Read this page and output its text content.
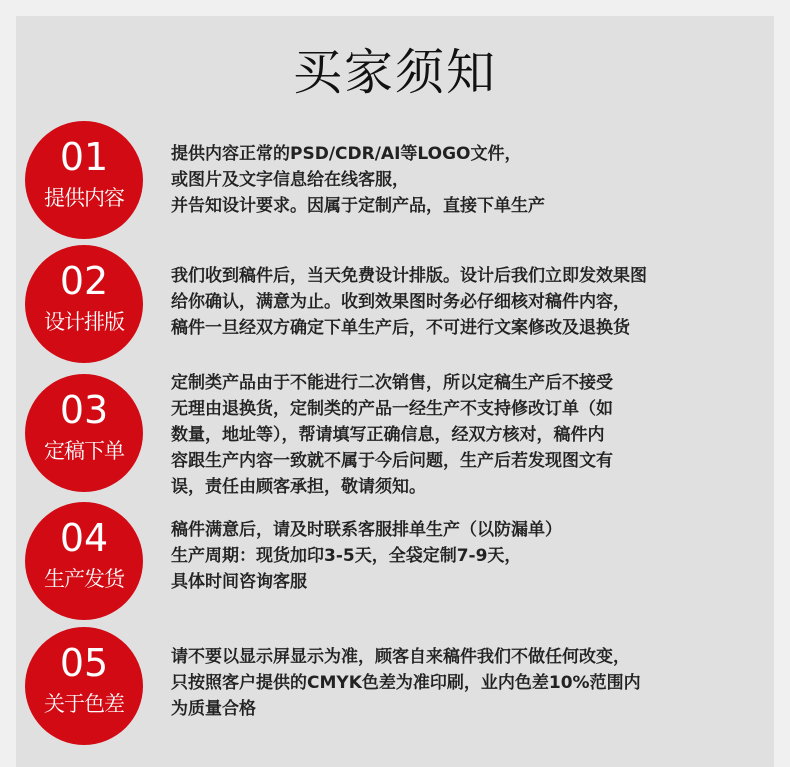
买家须知
01
提供内容
提供内容正常的PSD/CDR/AI等LOGO文件，
或图片及文字信息给在线客服，
并告知设计要求。因属于定制产品，直接下单生产
02
设计排版
我们收到稿件后，当天免费设计排版。设计后我们立即发效果图
给你确认，满意为止。收到效果图时务必仔细核对稿件内容，
稿件一旦经双方确定下单生产后，不可进行文案修改及退换货
03
定稿下单
定制类产品由于不能进行二次销售，所以定稿生产后不接受
无理由退换货，定制类的产品一经生产不支持修改订单（如
数量，地址等），帮请填写正确信息，经双方核对，稿件内
容跟生产内容一致就不属于今后问题，生产后若发现图文有
误，责任由顾客承担，敬请须知。
04
生产发货
稿件满意后，请及时联系客服排单生产（以防漏单）
生产周期：现货加印3-5天，全袋定制7-9天，
具体时间咨询客服
05
关于色差
请不要以显示屏显示为准，顾客自来稿件我们不做任何改变，
只按照客户提供的CMYK色差为准印刷，业内色差10%范围内
为质量合格
